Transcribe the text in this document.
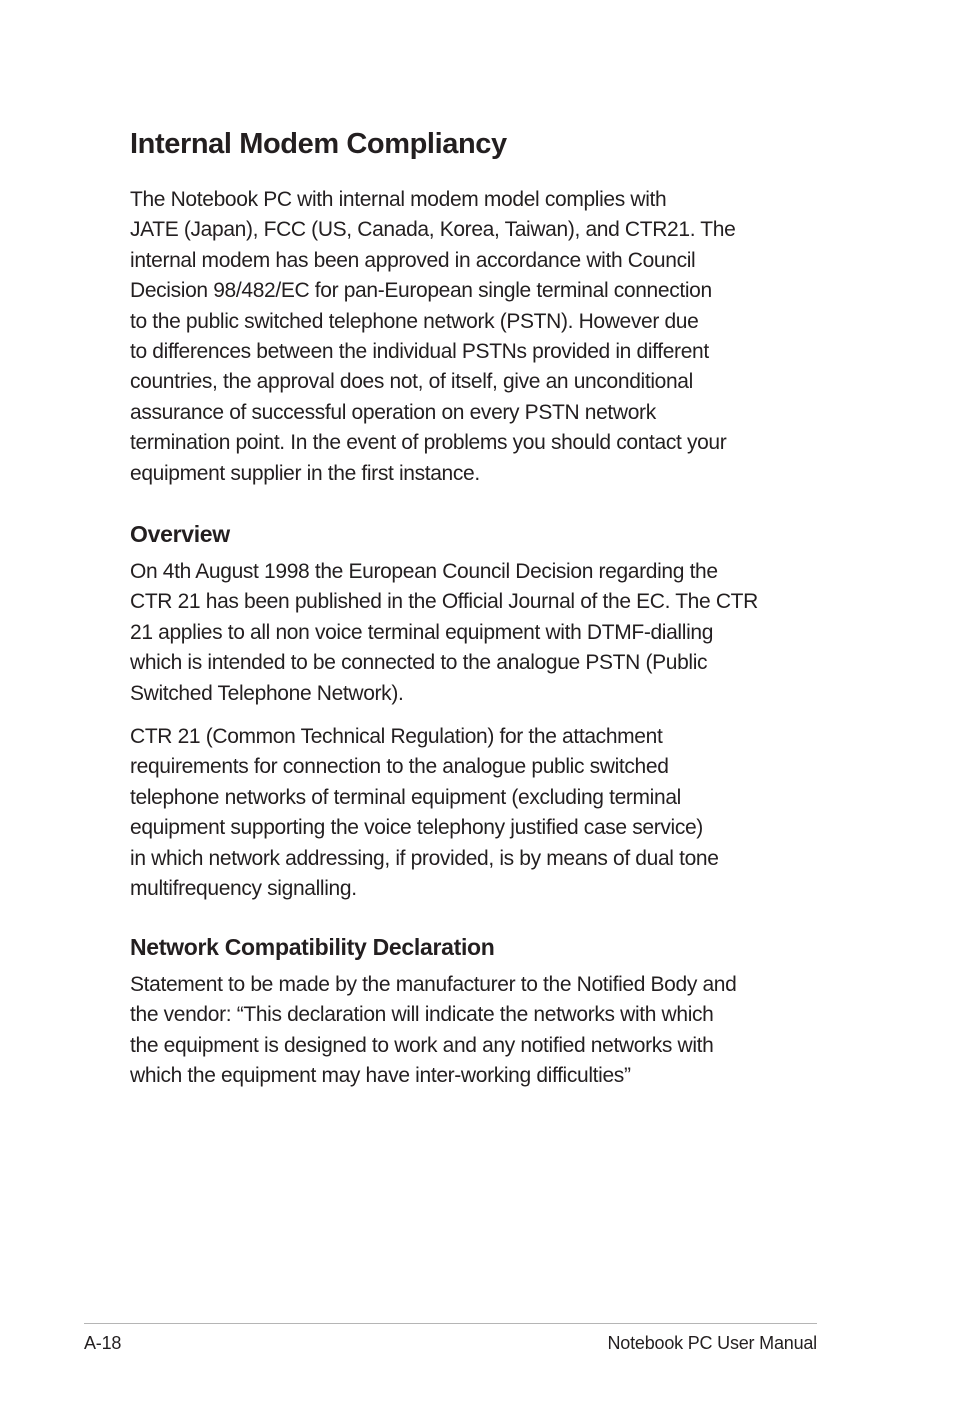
Internal Modem Compliancy

The Notebook PC with internal modem model complies with
JATE (Japan), FCC (US, Canada, Korea, Taiwan), and CTR21. The
internal modem has been approved in accordance with Council
Decision 98/482/EC for pan-European single terminal connection
to the public switched telephone network (PSTN). However due
to differences between the individual PSTNs provided in different
countries, the approval does not, of itself, give an unconditional
assurance of successful operation on every PSTN network
termination point. In the event of problems you should contact your
equipment supplier in the first instance.

Overview

On 4th August 1998 the European Council Decision regarding the
CTR 21 has been published in the Official Journal of the EC. The CTR
21 applies to all non voice terminal equipment with DTMF-dialling
which is intended to be connected to the analogue PSTN (Public
Switched Telephone Network).

CTR 21 (Common Technical Regulation) for the attachment
requirements for connection to the analogue public switched
telephone networks of terminal equipment (excluding terminal
equipment supporting the voice telephony justified case service)
in which network addressing, if provided, is by means of dual tone
multifrequency signalling.

Network Compatibility Declaration

Statement to be made by the manufacturer to the Notified Body and
the vendor: “This declaration will indicate the networks with which
the equipment is designed to work and any notified networks with
which the equipment may have inter-working difficulties”

A-18	Notebook PC User Manual
